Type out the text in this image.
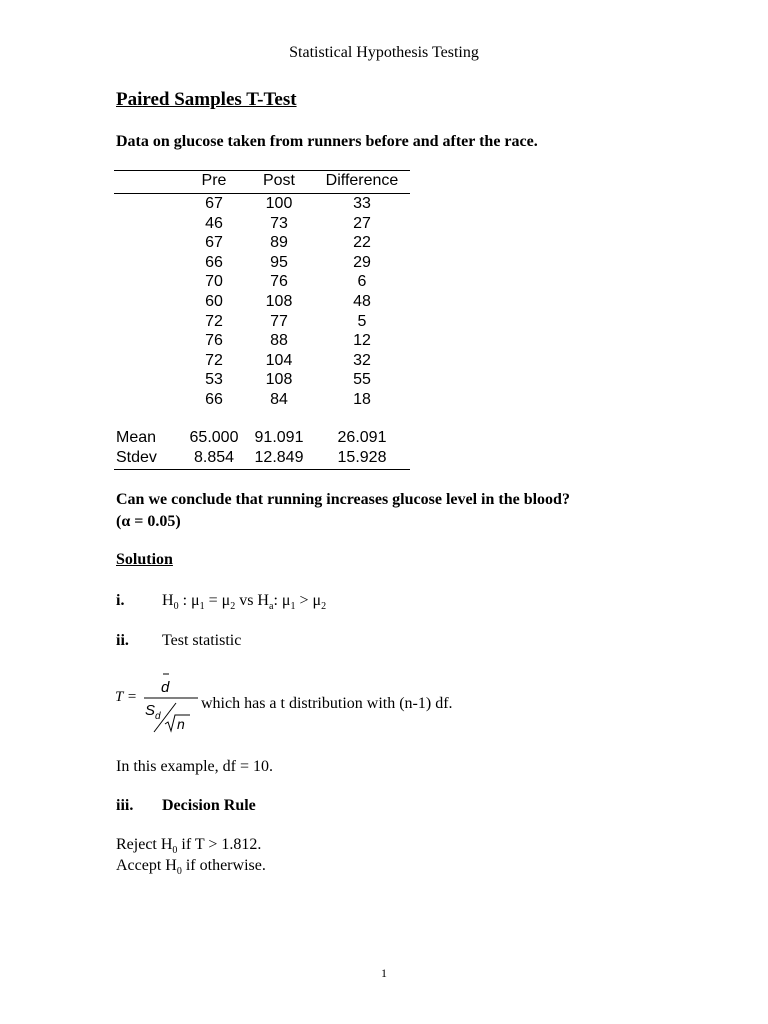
Statistical Hypothesis Testing
Paired Samples T-Test
Data on glucose taken from runners before and after the race.
Pre	Post	Difference
67	100	33
46	73	27
67	89	22
66	95	29
70	76	6
60	108	48
72	77	5
76	88	12
72	104	32
53	108	55
66	84	18
Mean	65.000	91.091	26.091
Stdev	8.854	12.849	15.928
Can we conclude that running increases glucose level in the blood?
(α = 0.05)
Solution
i. $H_0$ : $\mu_1 = \mu_2$ vs $H_a$: $\mu_1 > \mu_2$
ii. Test statistic
T =
d
S d n
which has a t distribution with (n-1) df.
In this example, df = 10.
iii. Decision Rule
Reject $H_0$ if T > 1.812.
Accept $H_0$ if otherwise.
1
